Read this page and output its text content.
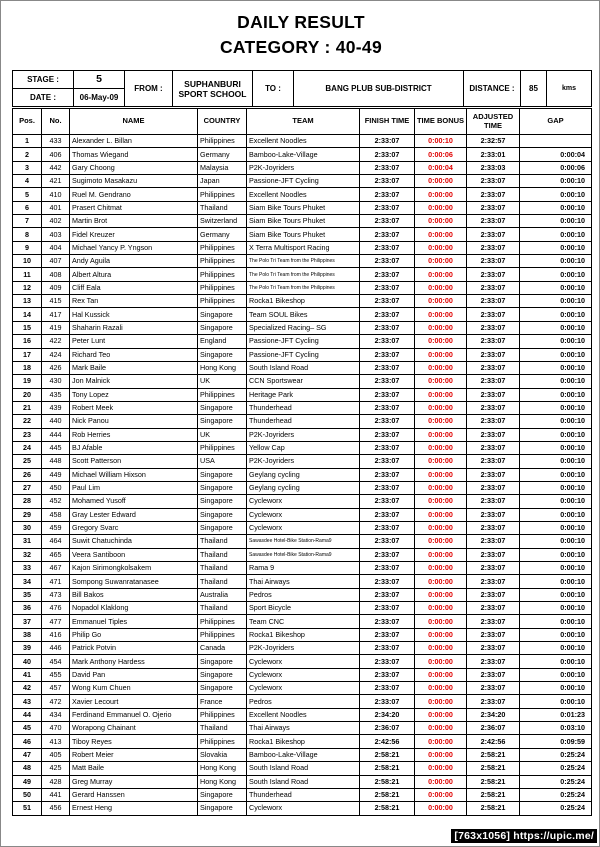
DAILY RESULT
CATEGORY : 40-49
STAGE :	5	FROM :	SUPHANBURI SPORT SCHOOL	TO :	BANG PLUB SUB-DISTRICT	DISTANCE :	85	kms
DATE :	06-May-09							
Pos.	No.	NAME	COUNTRY	TEAM	FINISH TIME	TIME BONUS	ADJUSTED TIME	GAP
1	433	Alexander L. Billan	Philippines	Excellent Noodles	2:33:07	0:00:10	2:32:57	
2	406	Thomas Wiegand	Germany	Bamboo-Lake-Village	2:33:07	0:00:06	2:33:01	0:00:04
3	442	Gary Choong	Malaysia	P2K-Joyriders	2:33:07	0:00:04	2:33:03	0:00:06
4	421	Sugimoto Masakazu	Japan	Passione-JFT Cycling	2:33:07	0:00:00	2:33:07	0:00:10
5	410	Ruel M. Gendrano	Philippines	Excellent Noodles	2:33:07	0:00:00	2:33:07	0:00:10
6	401	Prasert Chitmat	Thailand	Siam Bike Tours Phuket	2:33:07	0:00:00	2:33:07	0:00:10
7	402	Martin Brot	Switzerland	Siam Bike Tours Phuket	2:33:07	0:00:00	2:33:07	0:00:10
8	403	Fidel Kreuzer	Germany	Siam Bike Tours Phuket	2:33:07	0:00:00	2:33:07	0:00:10
9	404	Michael Yancy P. Yngson	Philippines	X Terra Multisport Racing	2:33:07	0:00:00	2:33:07	0:00:10
10	407	Andy Aguila	Philippines	The Polo Tri Team from the Philippines	2:33:07	0:00:00	2:33:07	0:00:10
11	408	Albert Altura	Philippines	The Polo Tri Team from the Philippines	2:33:07	0:00:00	2:33:07	0:00:10
12	409	Cliff Eala	Philippines	The Polo Tri Team from the Philippines	2:33:07	0:00:00	2:33:07	0:00:10
13	415	Rex Tan	Philippines	Rocka1 Bikeshop	2:33:07	0:00:00	2:33:07	0:00:10
14	417	Hal Kussick	Singapore	Team SOUL Bikes	2:33:07	0:00:00	2:33:07	0:00:10
15	419	Shaharin Razali	Singapore	Specialized Racing– SG	2:33:07	0:00:00	2:33:07	0:00:10
16	422	Peter Lunt	England	Passione-JFT Cycling	2:33:07	0:00:00	2:33:07	0:00:10
17	424	Richard Teo	Singapore	Passione-JFT Cycling	2:33:07	0:00:00	2:33:07	0:00:10
18	426	Mark Baile	Hong Kong	South Island Road	2:33:07	0:00:00	2:33:07	0:00:10
19	430	Jon Malnick	UK	CCN Sportswear	2:33:07	0:00:00	2:33:07	0:00:10
20	435	Tony Lopez	Philippines	Heritage Park	2:33:07	0:00:00	2:33:07	0:00:10
21	439	Robert Meek	Singapore	Thunderhead	2:33:07	0:00:00	2:33:07	0:00:10
22	440	Nick Panou	Singapore	Thunderhead	2:33:07	0:00:00	2:33:07	0:00:10
23	444	Rob Herries	UK	P2K-Joyriders	2:33:07	0:00:00	2:33:07	0:00:10
24	445	BJ Afable	Philippines	Yellow Cap	2:33:07	0:00:00	2:33:07	0:00:10
25	448	Scott Patterson	USA	P2K-Joyriders	2:33:07	0:00:00	2:33:07	0:00:10
26	449	Michael William Hixson	Singapore	Geylang cycling	2:33:07	0:00:00	2:33:07	0:00:10
27	450	Paul Lim	Singapore	Geylang cycling	2:33:07	0:00:00	2:33:07	0:00:10
28	452	Mohamed Yusoff	Singapore	Cycleworx	2:33:07	0:00:00	2:33:07	0:00:10
29	458	Gray Lester Edward	Singapore	Cycleworx	2:33:07	0:00:00	2:33:07	0:00:10
30	459	Gregory Svarc	Singapore	Cycleworx	2:33:07	0:00:00	2:33:07	0:00:10
31	464	Suwit Chatuchinda	Thailand	Sawasdee Hotel-Bike Station-Rama9	2:33:07	0:00:00	2:33:07	0:00:10
32	465	Veera Santiboon	Thailand	Sawasdee Hotel-Bike Station-Rama9	2:33:07	0:00:00	2:33:07	0:00:10
33	467	Kajon Sirimongkolsakem	Thailand	Rama 9	2:33:07	0:00:00	2:33:07	0:00:10
34	471	Sompong Suwanratanasee	Thailand	Thai Airways	2:33:07	0:00:00	2:33:07	0:00:10
35	473	Bill Bakos	Australia	Pedros	2:33:07	0:00:00	2:33:07	0:00:10
36	476	Nopadol Klaklong	Thailand	Sport Bicycle	2:33:07	0:00:00	2:33:07	0:00:10
37	477	Emmanuel Tiples	Philippines	Team CNC	2:33:07	0:00:00	2:33:07	0:00:10
38	416	Philip Go	Philippines	Rocka1 Bikeshop	2:33:07	0:00:00	2:33:07	0:00:10
39	446	Patrick Potvin	Canada	P2K-Joyriders	2:33:07	0:00:00	2:33:07	0:00:10
40	454	Mark Anthony Hardess	Singapore	Cycleworx	2:33:07	0:00:00	2:33:07	0:00:10
41	455	David Pan	Singapore	Cycleworx	2:33:07	0:00:00	2:33:07	0:00:10
42	457	Wong Kum Chuen	Singapore	Cycleworx	2:33:07	0:00:00	2:33:07	0:00:10
43	472	Xavier Lecourt	France	Pedros	2:33:07	0:00:00	2:33:07	0:00:10
44	434	Ferdinand Emmanuel O. Ojerio	Philippines	Excellent Noodles	2:34:20	0:00:00	2:34:20	0:01:23
45	470	Worapong Chainant	Thailand	Thai Airways	2:36:07	0:00:00	2:36:07	0:03:10
46	413	Tiboy Reyes	Philippines	Rocka1 Bikeshop	2:42:56	0:00:00	2:42:56	0:09:59
47	405	Robert Meier	Slovakia	Bamboo-Lake-Village	2:58:21	0:00:00	2:58:21	0:25:24
48	425	Matt Baile	Hong Kong	South Island Road	2:58:21	0:00:00	2:58:21	0:25:24
49	428	Greg Murray	Hong Kong	South Island Road	2:58:21	0:00:00	2:58:21	0:25:24
50	441	Gerard Hanssen	Singapore	Thunderhead	2:58:21	0:00:00	2:58:21	0:25:24
51	456	Ernest Heng	Singapore	Cycleworx	2:58:21	0:00:00	2:58:21	0:25:24
[763x1056] https://upic.me/
